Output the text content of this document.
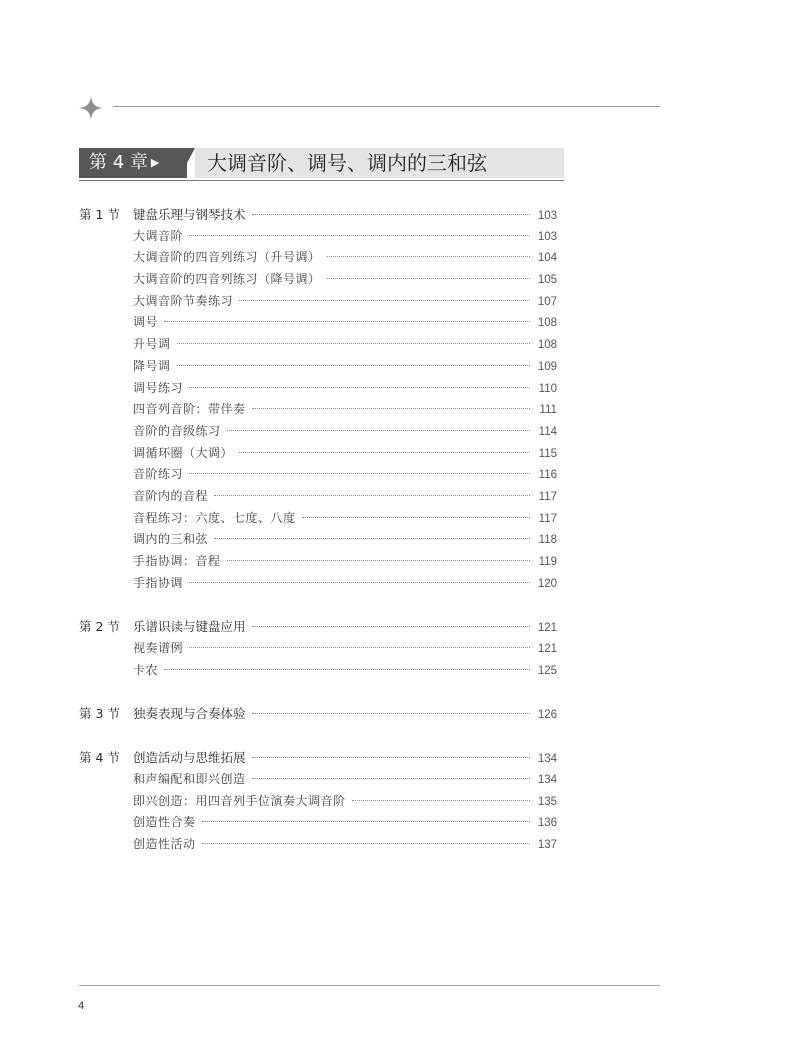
第 4 章 ▶	大调音阶、调号、调内的三和弦
第 1 节	键盘乐理与钢琴技术	103
大调音阶	103
大调音阶的四音列练习（升号调）	104
大调音阶的四音列练习（降号调）	105
大调音阶节奏练习	107
调号	108
升号调	108
降号调	109
调号练习	110
四音列音阶：带伴奏	111
音阶的音级练习	114
调循环圈（大调）	115
音阶练习	116
音阶内的音程	117
音程练习：六度、七度、八度	117
调内的三和弦	118
手指协调：音程	119
手指协调	120
第 2 节	乐谱识读与键盘应用	121
视奏谱例	121
卡农	125
第 3 节	独奏表现与合奏体验	126
第 4 节	创造活动与思维拓展	134
和声编配和即兴创造	134
即兴创造：用四音列手位演奏大调音阶	135
创造性合奏	136
创造性活动	137
4
